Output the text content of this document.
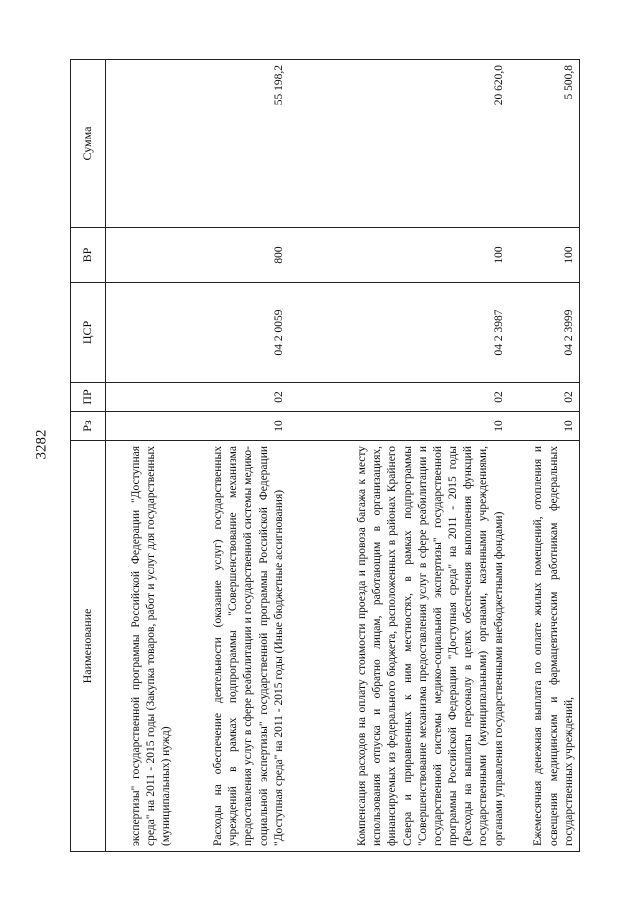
3282
Наименование	Рз	ПР	ЦСР	ВР	Сумма
экспертизы" государственной программы Российской Федерации "Доступная среда" на 2011 - 2015 годы (Закупка товаров, работ и услуг для государственных (муниципальных) нужд)					
Расходы на обеспечение деятельности (оказание услуг) государственных учреждений в рамках подпрограммы "Совершенствование механизма предоставления услуг в сфере реабилитации и государственной системы медико-социальной экспертизы" государственной программы Российской Федерации "Доступная среда" на 2011 - 2015 годы (Иные бюджетные ассигнования)	10	02	04 2 0059	800	55 198,2
Компенсация расходов на оплату стоимости проезда и провоза багажа к месту использования отпуска и обратно лицам, работающим в организациях, финансируемых из федерального бюджета, расположенных в районах Крайнего Севера и приравненных к ним местностях, в рамках подпрограммы "Совершенствование механизма предоставления услуг в сфере реабилитации и государственной системы медико-социальной экспертизы" государственной программы Российской Федерации "Доступная среда" на 2011 - 2015 годы (Расходы на выплаты персоналу в целях обеспечения выполнения функций государственными (муниципальными) органами, казенными учреждениями, органами управления государственными внебюджетными фондами)	10	02	04 2 3987	100	20 620,0
Ежемесячная денежная выплата по оплате жилых помещений, отопления и освещения медицинским и фармацевтическим работникам федеральных государственных учреждений,	10	02	04 2 3999	100	5 500,8
